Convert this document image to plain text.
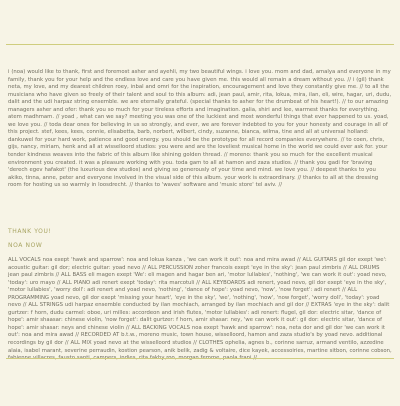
i (noa) would like to thank, first and foremost asher and ayehli, my two beautiful wings. i love you. mom and dad, amalya and everyone in my family, thank you for your help and the endless love and care you have given me. this would all remain a dream without you. // i (gil) thank neta, my love, and my dearest children roey, inbal and omri for the inspiration, encouragement and love they constantly give me. // to all the musicians who have given so freely of their talent and soul to this album: adi, jean paul, amir, rita, lokua, mira, ilan, eli, wire, hagar, uri, dudu, dalit and the udi harpaz string ensemble. we are eternally grateful. (special thanks to asher for the drumbeat of his heart!). // to our amazing managers asher and ofer: thank you so much for your tireless efforts and imagination. galia, shiri and lee, warmest thanks for everything. atem madhmam. // yoad , what can we say? meeting you was one of the luckiest and most wonderful things that ever happened to us. yoad, we love you. // toda dear ones for believing in us so strongly, and ever, we are forever indebted to you for your honesty and courage in all of this project. stef, kees, kees, connie, elisabetta, barb, norbert, wilbert, cindy, suzanne, bianca, wilma, tine and all at universal holland: dankuwel for your hard work, patience and good energy. you should be the prototype for all record companies everywhere. // to coen, chris, gijs, nancy, miriam, henk and all at wisselloord studios: you were and are the loveliest musical home in the world we could ever ask for. your tender kindness weaves into the fabric of this album like shining golden thread. // moreno: thank you so much for the excellent musical environment you created. it was a pleasure working with you. toda gam to all at hamon and zaza studios. // thank you gadi for 'braving 'derech egev hafakot' (the luxurious dew studios) and giving so generously of your time and mind. we love you. // deepest thanks to you akiko, tinna, anne, peter and everyone involved in the visual side of this album. your work is extraordinary. // thanks to all at the dressing room for hosting us so warmly in loosdrecht. // thanks to 'waves' software and 'music store' tel aviv. //
THANK YOU!
NOA NOW
ALL VOCALS noa exept 'hawk and sparrow': noa and lokua kanza , 'we can work it out': noa and mira awad // ALL GUITARS gil dor exept 'we': acoustic guitar: gil dor; electric guitar: yoad nevo // ALL PERCUSSION zoher francois exept 'eye in the sky': jean paul zimbris // ALL DRUMS jean paul zimbris // ALL BASS eli magen exept 'We': eli magen and hagar ben ari, 'motor lullabies', 'nothing', 'we can work it out': yoad nevo, 'today': uro mayo // ALL PIANO adi renert exept 'today': rita marcotuli // ALL KEYBOARDS adi renert, yoad nevo, gil dor exept 'eye in the sky', 'motor lullabies', 'worry doll': adi renert and yoad nevo, 'nothing', 'dance of hope': yoad nevo, 'now', 'now forget': adi renert // ALL PROGRAMMING yoad nevo, gil dor exept 'missing your heart', 'eye in the sky', 'we', 'nothing', 'now', 'now forget', 'worry doll', 'today': yoad nevo // ALL STRINGS udi harpaz ensemble conducted by ilan mochiach, arranged by ilan mochiach and gil dor // EXTRAS 'eye in the sky': dalit gurtzer: f horn, dudu carmel: oboe, uri milles: accordeon and irish flutes, 'motor lullabies': adi renert: flugel, gil dor: electric sitar, 'dance of hope': amir shaasar: chinese violin, 'now forget': dalit gurtzer: f horn, amir shasar: ney, 'we can work it out': gil dor: electric sitar, 'dance of hope': amir shasar: neys and chinese violin // ALL BACKING VOCALS noa exept 'hawk and sparrow': noa, neta dor and gil dor 'we can work it out': noa and mira awad // RECORDED AT b.t.w., moreno music, town house, wisselloord, hamon and zaza studio's by yoad nevo. additional recordings by gil dor // ALL MIX yoad nevo at the wisselloord studios // CLOTHES ophelia, agnes b., corinne sarruz, armand ventilo, azzedine alaia, isabel marant, severine perraudin, kostion pearson, anik belik, zadig & voltaire, dice kayek, accessoiries, martine sitbon, corinne cobson,
